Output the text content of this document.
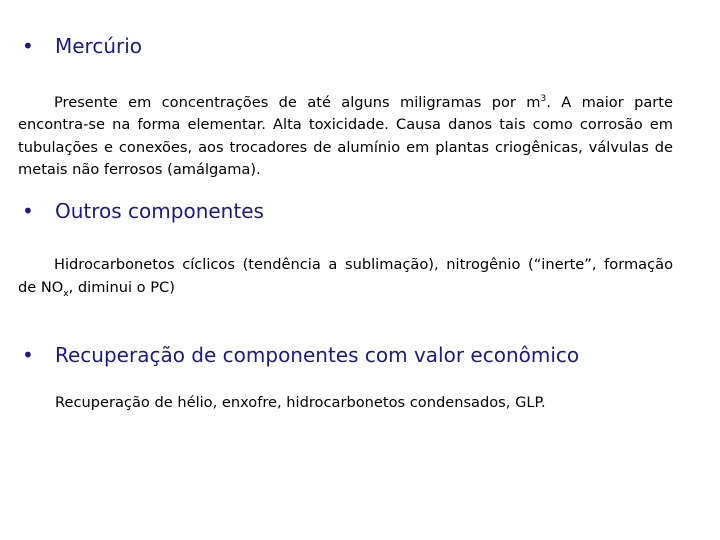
• Mercúrio
Presente em concentrações de até alguns miligramas por $m^3$. A maior parte encontra-se na forma elementar. Alta toxicidade. Causa danos tais como corrosão em tubulações e conexões, aos trocadores de alumínio em plantas criogênicas, válvulas de metais não ferrosos (amálgama).
• Outros componentes
Hidrocarbonetos cíclicos (tendência a sublimação), nitrogênio (“inerte”, formação de $NO_x$, diminui o PC)
• Recuperação de componentes com valor econômico
Recuperação de hélio, enxofre, hidrocarbonetos condensados, GLP.
